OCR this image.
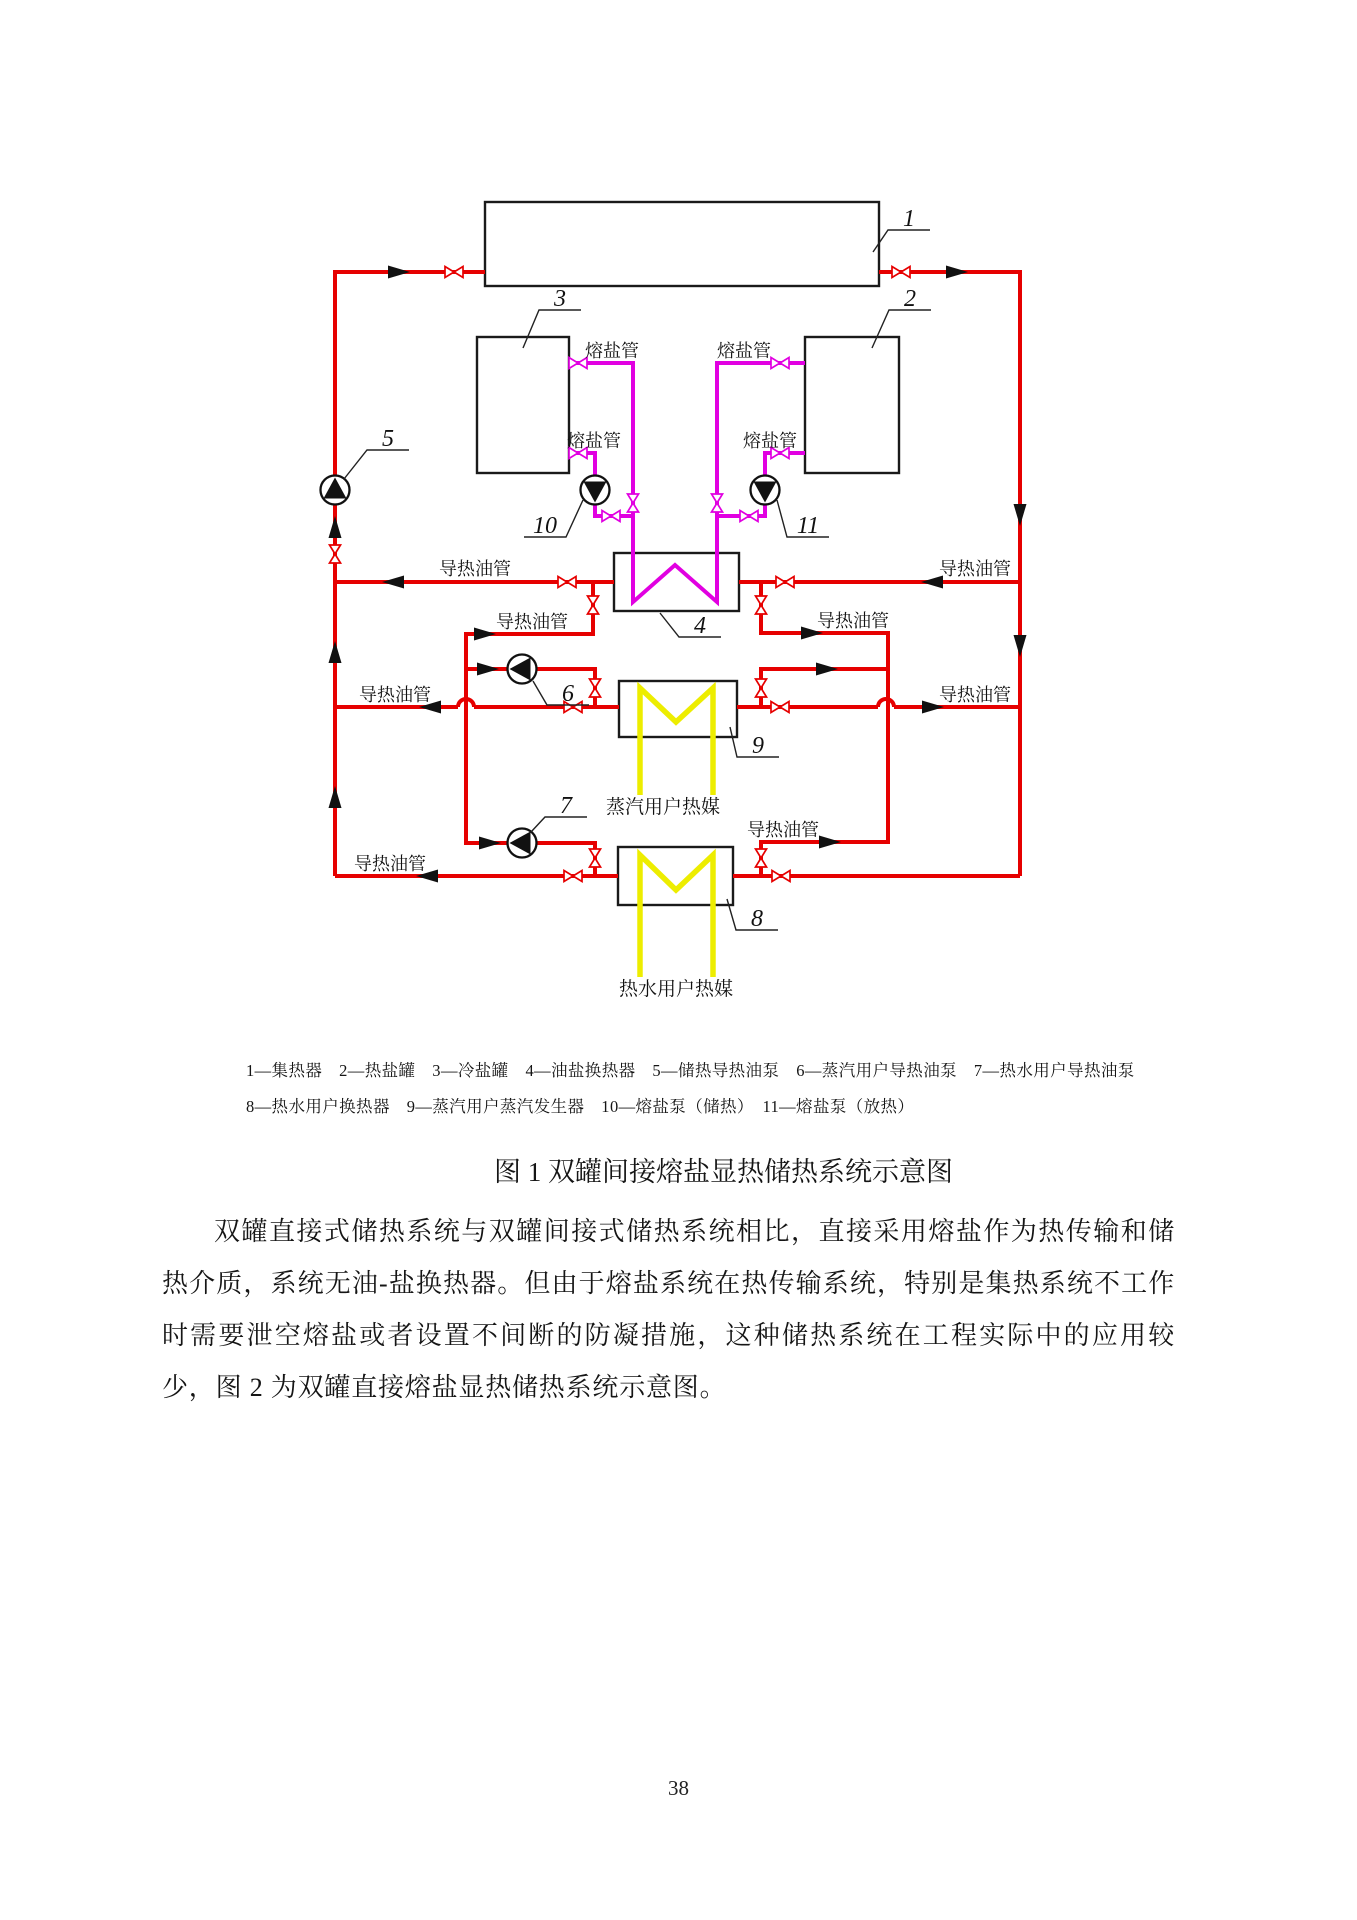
1
2
3
4
5
6
7
8
9
10	11
熔盐管	熔盐管
熔盐管	熔盐管
导热油管	导热油管
导热油管	导热油管
导热油管	导热油管
导热油管
导热油管
蒸汽用户热媒
热水用户热媒
1—集热器　2—热盐罐　3—冷盐罐　4—油盐换热器　5—储热导热油泵　6—蒸汽用户导热油泵　7—热水用户导热油泵
8—热水用户换热器　9—蒸汽用户蒸汽发生器　10—熔盐泵（储热）　11—熔盐泵（放热）
图 1 双罐间接熔盐显热储热系统示意图
双罐直接式储热系统与双罐间接式储热系统相比，直接采用熔盐作为热传输和储热介质，系统无油-盐换热器。但由于熔盐系统在热传输系统，特别是集热系统不工作时需要泄空熔盐或者设置不间断的防凝措施，这种储热系统在工程实际中的应用较少，图 2 为双罐直接熔盐显热储热系统示意图。
38
